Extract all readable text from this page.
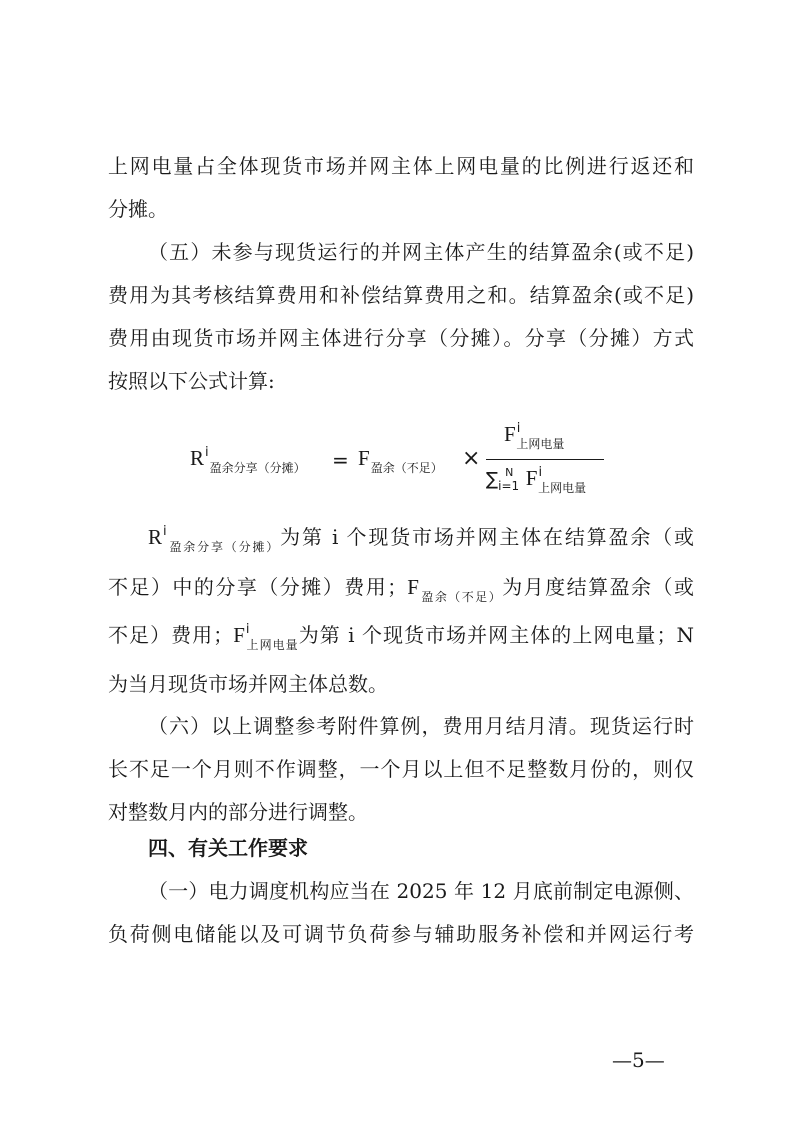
上网电量占全体现货市场并网主体上网电量的比例进行返还和
分摊。
（五）未参与现货运行的并网主体产生的结算盈余(或不足)
费用为其考核结算费用和补偿结算费用之和。结算盈余(或不足)
费用由现货市场并网主体进行分享（分摊）。分享（分摊）方式
按照以下公式计算:
$R^i_{盈余分享(分摊)} = F_{盈余(不足)}$ ×
$F^i_{上网电量}$
$\sum_{i=1}^N$ $F^i_{上网电量}$
$R^i_{盈余分享(分摊)}$为第 i 个现货市场并网主体在结算盈余（或
不足）中的分享（分摊）费用；$F_{盈余(不足)}$为月度结算盈余（或
不足）费用；$F^i_{上网电量}$为第 i 个现货市场并网主体的上网电量；N
为当月现货市场并网主体总数。
（六）以上调整参考附件算例，费用月结月清。现货运行时
长不足一个月则不作调整，一个月以上但不足整数月份的，则仅
对整数月内的部分进行调整。
四、有关工作要求
（一）电力调度机构应当在 2025 年 12 月底前制定电源侧、
负荷侧电储能以及可调节负荷参与辅助服务补偿和并网运行考
—5—
